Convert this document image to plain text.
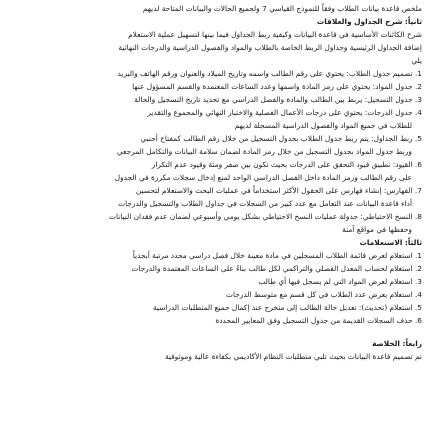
ملخص قاعدة بيانات الطلاب وفقاً للنموذج القياسي 7 ولجميع الحالات والبيانات المتاحة لديهم
ثانياً: شرح الجداول والعلاقات
شرح الكائنات الأساسية في قاعدة البيانات وكيفية ربط الجداول فيما بينها لتسهيل عملية الاستعلام
إضافة الجداول الرئيسية وجداول الربط الخاصة بالطلاب والمواد والفصول الدراسية والدرجات النهائية
يلي
1. تصميم جدول الطلاب: يحتوي على رقم الطالب واسمه وتاريخ الميلاد والعنوان ورقم الهاتف والبريد
2. جدول المواد: يحتوي على رمز المادة واسمها وعدد الساعات المعتمدة والقسم المسؤول عنها
3. جدول التسجيل: يربط بين الطالب والمادة والفصل الدراسي مع تحديد تاريخ التسجيل والحالة
4. جدول الدرجات: يحتوي على درجات الأعمال الفصلية والاختبار النهائي والمجموع والتقدير
للطلاب في جميع المواد والفصول الدراسية المسجلة لديهم
5. ربط الجداول: يتم ربط جدول الطلاب بجدول التسجيل من خلال رقم الطالب كمفتاح أجنبي
وربط جدول المواد بجدول التسجيل من خلال رمز المادة لضمان سلامة البيانات والتكامل المرجعي
6. القيود: تطبيق قيود التحقق على الدرجات بحيث تكون بين صفر ومئة وقيود عدم التكرار
على رقم الطالب ورمز المادة داخل الفصل الدراسي الواحد لمنع إدخال سجلات مكررة في الجدول
7. الفهارس: إنشاء فهارس على الحقول الأكثر استخداماً في عمليات البحث والاستعلام لتحسين
أداء قاعدة البيانات عند التعامل مع عدد كبير من السجلات في جداول الطلاب والتسجيل والدرجات
8. النسخ الاحتياطي: جدولة عمليات النسخ الاحتياطي بشكل يومي وأسبوعي لضمان عدم فقدان البيانات
وحفظها في مواقع آمنة
ثالثاً: الاستعلامات
1. استعلام لعرض قائمة الطلاب المسجلين في مادة معينة خلال فصل دراسي محدد مرتبة أبجدياً
2. استعلام لحساب المعدل الفصلي والتراكمي لكل طالب بناءً على الساعات المعتمدة والدرجات
3. استعلام لعرض المواد التي لم يسجل فيها أي طالب
4. استعلام يعرض عدد الطلاب في كل قسم مع متوسط الدرجات
5. استعلام (تحديث): تعديل حالة الطالب إلى متخرج عند إكمال جميع المتطلبات الدراسية
6. حذف السجلات القديمة من جدول التسجيل وفق المعايير المحددة
رابعاً: الخلاصة
تم تصميم قاعدة البيانات بحيث تلبي متطلبات النظام الأكاديمي بكفاءة عالية وموثوقية
